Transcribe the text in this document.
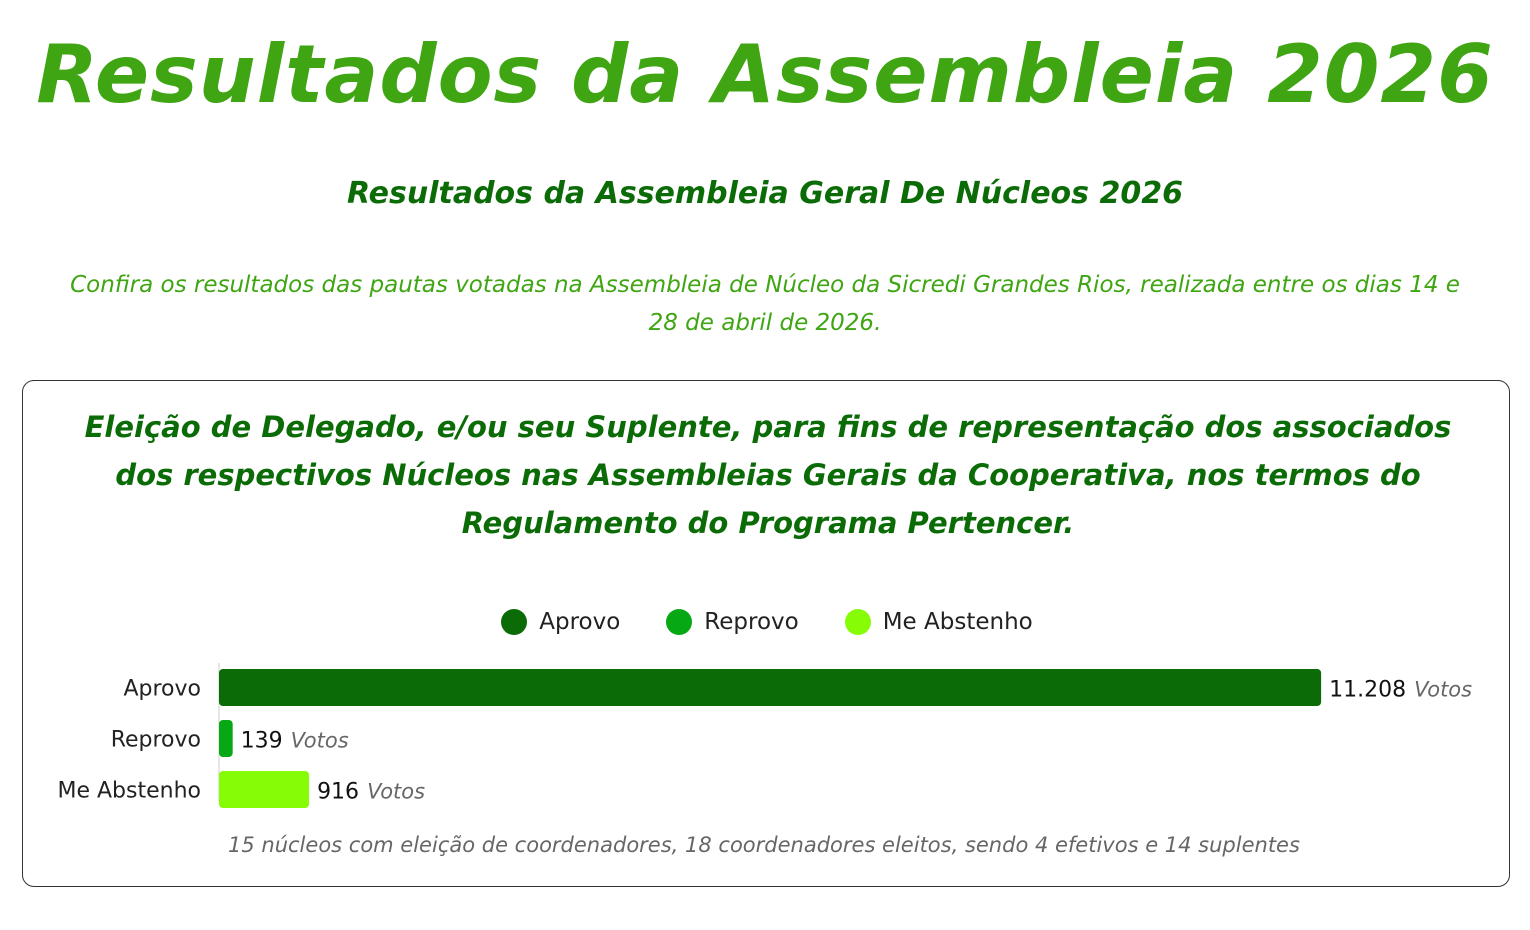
Resultados da Assembleia 2026
Resultados da Assembleia Geral De Núcleos 2026

Confira os resultados das pautas votadas na Assembleia de Núcleo da Sicredi Grandes Rios, realizada entre os dias 14 e 28 de abril de 2026.

Eleição de Delegado, e/ou seu Suplente, para fins de representação dos associados dos respectivos Núcleos nas Assembleias Gerais da Cooperativa, nos termos do Regulamento do Programa Pertencer.

Aprovo	Reprovo	Me Abstenho
Aprovo	11.208 Votos
Reprovo 139 Votos
Me Abstenho	916 Votos
15 núcleos com eleição de coordenadores, 18 coordenadores eleitos, sendo 4 efetivos e 14 suplentes
